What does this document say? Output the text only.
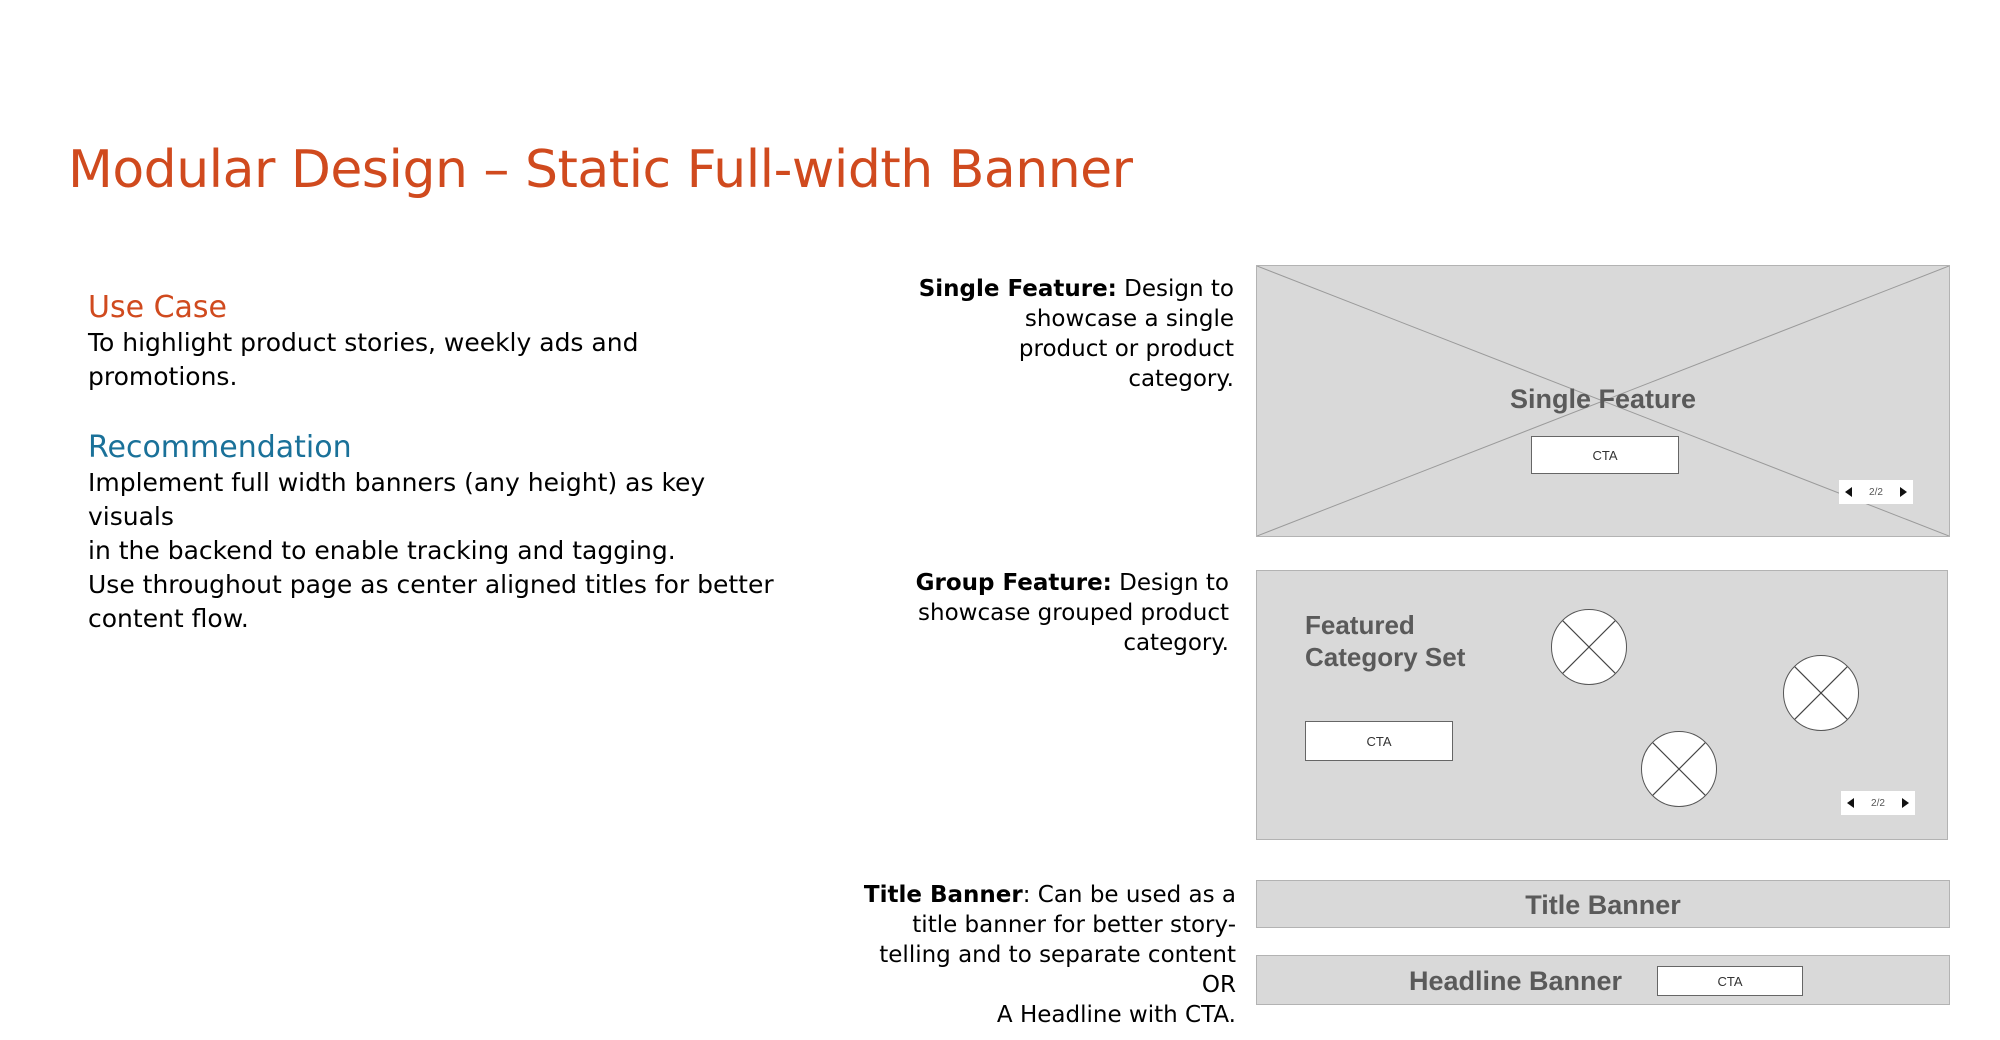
Modular Design – Static Full-width Banner
Use Case

To highlight product stories, weekly ads and

promotions.

Recommendation

Implement full width banners (any height) as key visuals

in the backend to enable tracking and tagging.

Use throughout page as center aligned titles for better

content flow.

Single Feature: Design to
showcase a single
product or product
category.
Single Feature
CTA
2/2
Group Feature: Design to
showcase grouped product
category.
Featured
Category Set
CTA
2/2
Title Banner: Can be used as a
title banner for better story-
telling and to separate content
OR
A Headline with CTA.
Title Banner
Headline Banner	CTA
